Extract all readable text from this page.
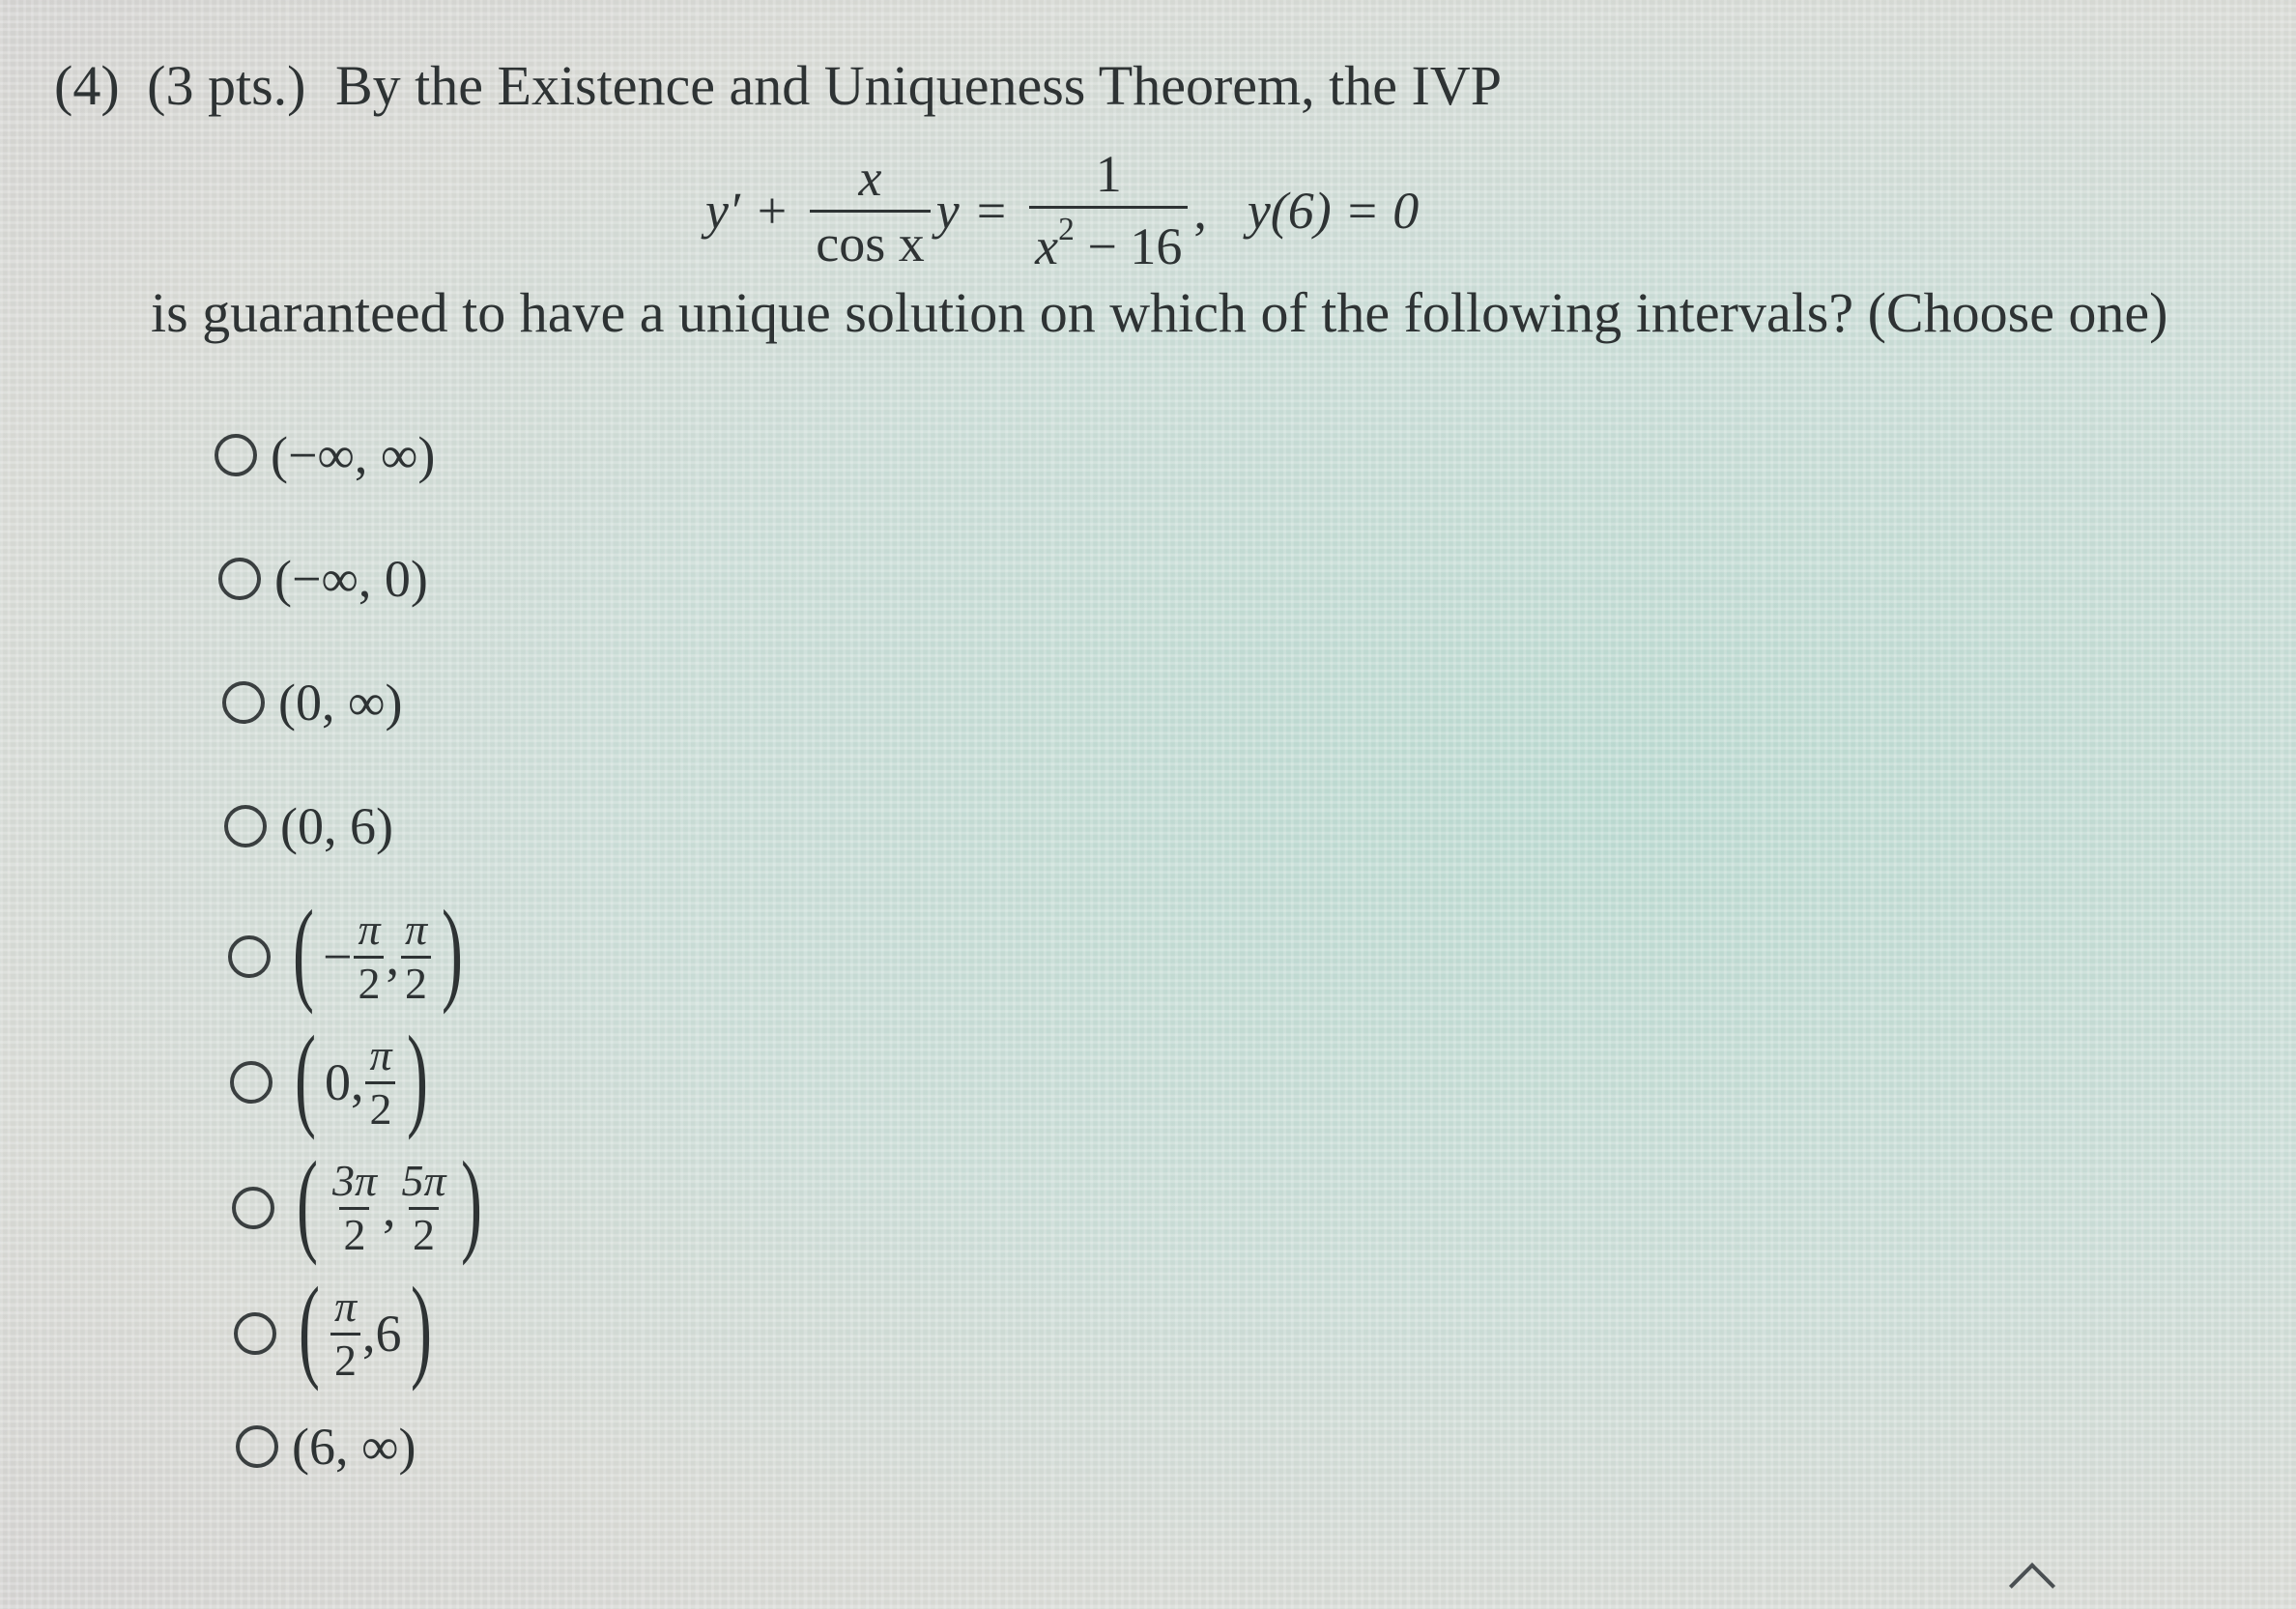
(4) (3 pts.) By the Existence and Uniqueness Theorem, the IVP
$y' + \frac{x}{\text{cos x}}$ $y = \frac{1}{x^2 - 16}$ , y(6) = 0
is guaranteed to have a unique solution on which of the following intervals? (Choose one)
(−∞, ∞)
(−∞, 0)
(0, ∞)
(0, 6)
( − $\frac{\pi}{2}$ , $\frac{\pi}{2}$ )
( 0, $\frac{\pi}{2}$ )
( $\frac{3\pi}{2}$ , $\frac{5\pi}{2}$ )
( $\frac{\pi}{2}$ , 6 )
(6, ∞)
